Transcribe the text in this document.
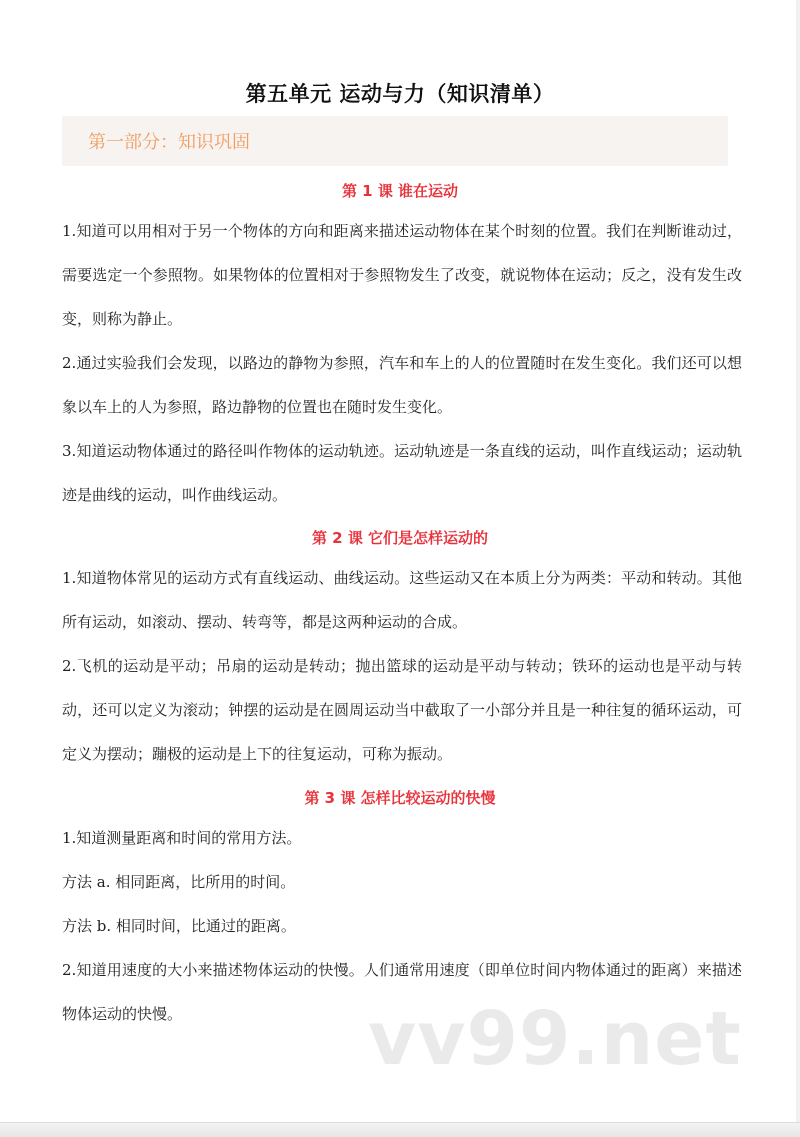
第五单元 运动与力（知识清单）
第一部分：知识巩固
第 1 课 谁在运动
1.知道可以用相对于另一个物体的方向和距离来描述运动物体在某个时刻的位置。我们在判断谁动过，需要选定一个参照物。如果物体的位置相对于参照物发生了改变，就说物体在运动；反之，没有发生改变，则称为静止。
2.通过实验我们会发现，以路边的静物为参照，汽车和车上的人的位置随时在发生变化。我们还可以想象以车上的人为参照，路边静物的位置也在随时发生变化。
3.知道运动物体通过的路径叫作物体的运动轨迹。运动轨迹是一条直线的运动，叫作直线运动；运动轨迹是曲线的运动，叫作曲线运动。
第 2 课 它们是怎样运动的
1.知道物体常见的运动方式有直线运动、曲线运动。这些运动又在本质上分为两类：平动和转动。其他所有运动，如滚动、摆动、转弯等，都是这两种运动的合成。
2.飞机的运动是平动；吊扇的运动是转动；抛出篮球的运动是平动与转动；铁环的运动也是平动与转动，还可以定义为滚动；钟摆的运动是在圆周运动当中截取了一小部分并且是一种往复的循环运动，可定义为摆动；蹦极的运动是上下的往复运动，可称为振动。
第 3 课 怎样比较运动的快慢
1.知道测量距离和时间的常用方法。
方法 a. 相同距离，比所用的时间。
方法 b. 相同时间，比通过的距离。
2.知道用速度的大小来描述物体运动的快慢。人们通常用速度（即单位时间内物体通过的距离）来描述物体运动的快慢。	vv99.net
